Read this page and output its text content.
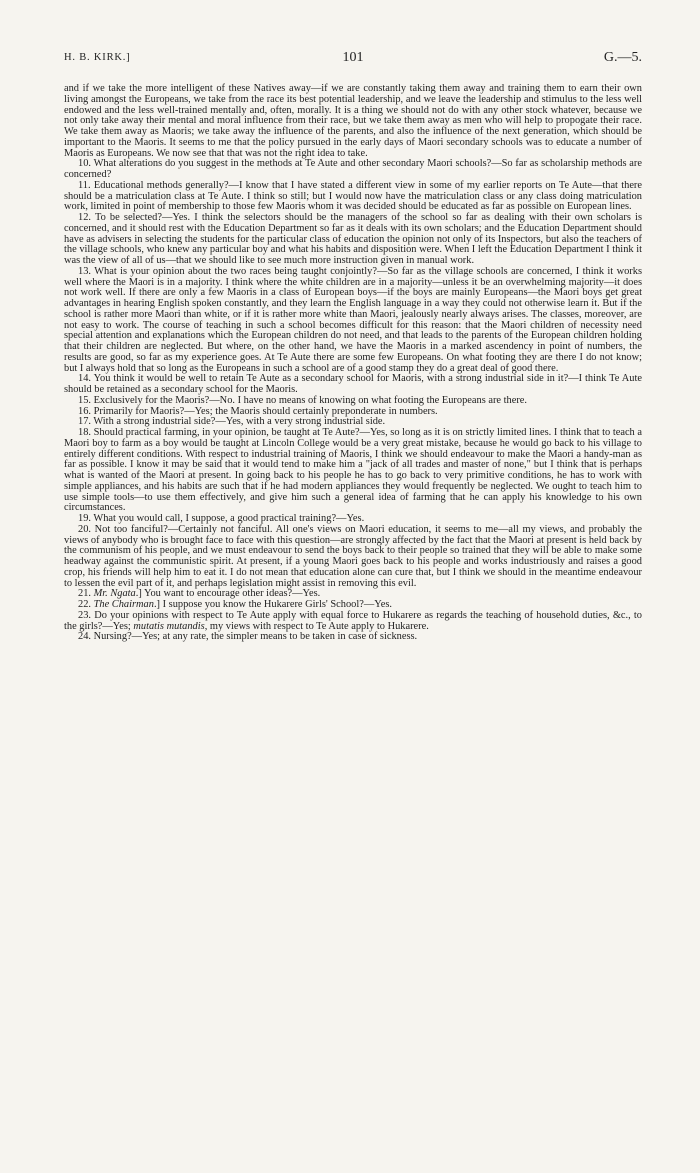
H. B. KIRK.]	101	G.—5.

and if we take the more intelligent of these Natives away—if we are constantly taking them away and training them to earn their own living amongst the Europeans, we take from the race its best potential leadership, and we leave the leadership and stimulus to the less well endowed and the less well-trained mentally and, often, morally. It is a thing we should not do with any other stock whatever, because we not only take away their mental and moral influence from their race, but we take them away as men who will help to propogate their race. We take them away as Maoris; we take away the influence of the parents, and also the influence of the next generation, which should be important to the Maoris. It seems to me that the policy pursued in the early days of Maori secondary schools was to educate a number of Maoris as Europeans. We now see that that was not the right idea to take.

10. What alterations do you suggest in the methods at Te Aute and other secondary Maori schools?—So far as scholarship methods are concerned?

11. Educational methods generally?—I know that I have stated a different view in some of my earlier reports on Te Aute—that there should be a matriculation class at Te Aute. I think so still; but I would now have the matriculation class or any class doing matriculation work, limited in point of membership to those few Maoris whom it was decided should be educated as far as possible on European lines.

12. To be selected?—Yes. I think the selectors should be the managers of the school so far as dealing with their own scholars is concerned, and it should rest with the Education Department so far as it deals with its own scholars; and the Education Department should have as advisers in selecting the students for the particular class of education the opinion not only of its Inspectors, but also the teachers of the village schools, who knew any particular boy and what his habits and disposition were. When I left the Education Department I think it was the view of all of us—that we should like to see much more instruction given in manual work.

13. What is your opinion about the two races being taught conjointly?—So far as the village schools are concerned, I think it works well where the Maori is in a majority. I think where the white children are in a majority—unless it be an overwhelming majority—it does not work well. If there are only a few Maoris in a class of European boys—if the boys are mainly Europeans—the Maori boys get great advantages in hearing English spoken constantly, and they learn the English language in a way they could not otherwise learn it. But if the school is rather more Maori than white, or if it is rather more white than Maori, jealously nearly always arises. The classes, moreover, are not easy to work. The course of teaching in such a school becomes difficult for this reason: that the Maori children of necessity need special attention and explanations which the European children do not need, and that leads to the parents of the European children holding that their children are neglected. But where, on the other hand, we have the Maoris in a marked ascendency in point of numbers, the results are good, so far as my experience goes. At Te Aute there are some few Europeans. On what footing they are there I do not know; but I always hold that so long as the Europeans in such a school are of a good stamp they do a great deal of good there.

14. You think it would be well to retain Te Aute as a secondary school for Maoris, with a strong industrial side in it?—I think Te Aute should be retained as a secondary school for the Maoris.

15. Exclusively for the Maoris?—No. I have no means of knowing on what footing the Europeans are there.

16. Primarily for Maoris?—Yes; the Maoris should certainly preponderate in numbers.

17. With a strong industrial side?—Yes, with a very strong industrial side.

18. Should practical farming, in your opinion, be taught at Te Aute?—Yes, so long as it is on strictly limited lines. I think that to teach a Maori boy to farm as a boy would be taught at Lincoln College would be a very great mistake, because he would go back to his village to entirely different conditions. With respect to industrial training of Maoris, I think we should endeavour to make the Maori a handy-man as far as possible. I know it may be said that it would tend to make him a "jack of all trades and master of none," but I think that is perhaps what is wanted of the Maori at present. In going back to his people he has to go back to very primitive conditions, he has to work with simple appliances, and his habits are such that if he had modern appliances they would frequently be neglected. We ought to teach him to use simple tools—to use them effectively, and give him such a general idea of farming that he can apply his knowledge to his own circumstances.

19. What you would call, I suppose, a good practical training?—Yes.

20. Not too fanciful?—Certainly not fanciful. All one's views on Maori education, it seems to me—all my views, and probably the views of anybody who is brought face to face with this question—are strongly affected by the fact that the Maori at present is held back by the communism of his people, and we must endeavour to send the boys back to their people so trained that they will be able to make some headway against the communistic spirit. At present, if a young Maori goes back to his people and works industriously and raises a good crop, his friends will help him to eat it. I do not mean that education alone can cure that, but I think we should in the meantime endeavour to lessen the evil part of it, and perhaps legislation might assist in removing this evil.

21. Mr. Ngata.] You want to encourage other ideas?—Yes.

22. The Chairman.] I suppose you know the Hukarere Girls' School?—Yes.

23. Do your opinions with respect to Te Aute apply with equal force to Hukarere as regards the teaching of household duties, &c., to the girls?—Yes; mutatis mutandis, my views with respect to Te Aute apply to Hukarere.

24. Nursing?—Yes; at any rate, the simpler means to be taken in case of sickness.
